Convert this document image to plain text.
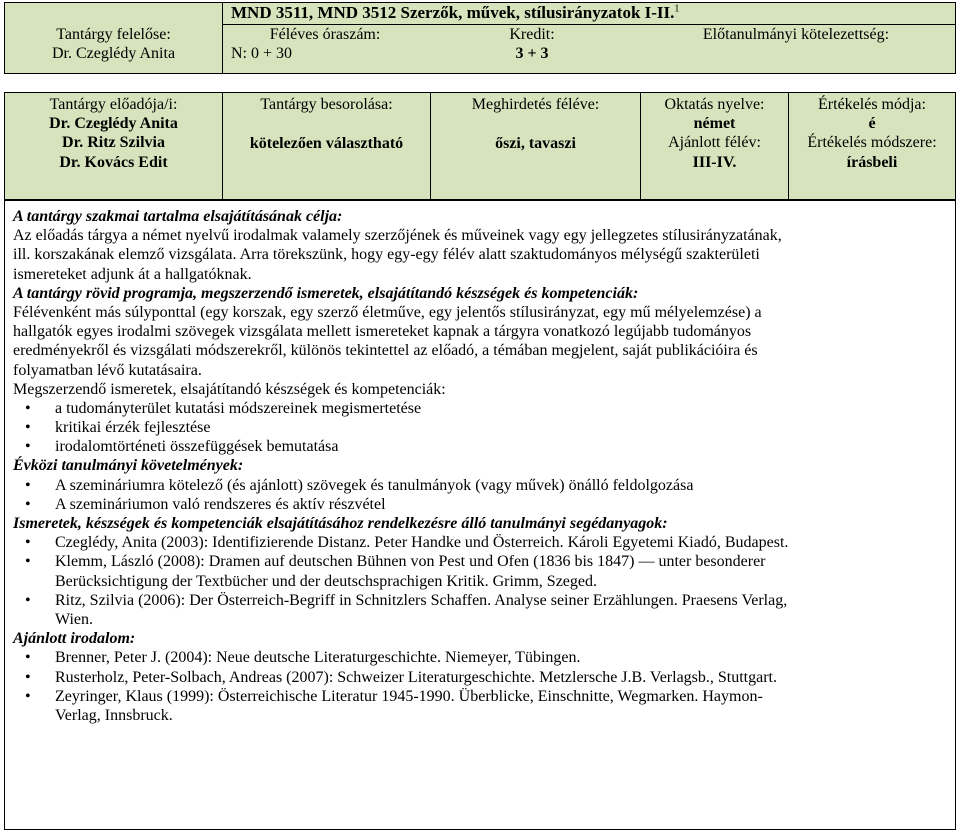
Tantárgy felelőse:
Dr. Czeglédy Anita
MND 3511, MND 3512 Szerzők, művek, stílusirányzatok I-II.$^1$
Féléves óraszám:
N: 0 + 30
Kredit:
3 + 3
Előtanulmányi kötelezettség:
Tantárgy előadója/i:
Dr. Czeglédy Anita
Dr. Ritz Szilvia
Dr. Kovács Edit
Tantárgy besorolása:
kötelezően választható
Meghirdetés féléve:
őszi, tavaszi
Oktatás nyelve:
német
Ajánlott félév:
III-IV.
Értékelés módja:
é
Értékelés módszere:
írásbeli
A tantárgy szakmai tartalma elsajátításának célja:
Az előadás tárgya a német nyelvű irodalmak valamely szerzőjének és műveinek vagy egy jellegzetes stílusirányzatának,
ill. korszakának elemző vizsgálata. Arra törekszünk, hogy egy-egy félév alatt szaktudományos mélységű szakterületi
ismereteket adjunk át a hallgatóknak.
A tantárgy rövid programja, megszerzendő ismeretek, elsajátítandó készségek és kompetenciák:
Félévenként más súlyponttal (egy korszak, egy szerző életműve, egy jelentős stílusirányzat, egy mű mélyelemzése) a
hallgatók egyes irodalmi szövegek vizsgálata mellett ismereteket kapnak a tárgyra vonatkozó legújabb tudományos
eredményekről és vizsgálati módszerekről, különös tekintettel az előadó, a témában megjelent, saját publikációira és
folyamatban lévő kutatásaira.
Megszerzendő ismeretek, elsajátítandó készségek és kompetenciák:
• a tudományterület kutatási módszereinek megismertetése
• kritikai érzék fejlesztése
• irodalomtörténeti összefüggések bemutatása
Évközi tanulmányi követelmények:
• A szemináriumra kötelező (és ajánlott) szövegek és tanulmányok (vagy művek) önálló feldolgozása
• A szemináriumon való rendszeres és aktív részvétel
Ismeretek, készségek és kompetenciák elsajátításához rendelkezésre álló tanulmányi segédanyagok:
• Czeglédy, Anita (2003): Identifizierende Distanz. Peter Handke und Österreich. Károli Egyetemi Kiadó, Budapest.
• Klemm, László (2008): Dramen auf deutschen Bühnen von Pest und Ofen (1836 bis 1847) — unter besonderer
Berücksichtigung der Textbücher und der deutschsprachigen Kritik. Grimm, Szeged.
• Ritz, Szilvia (2006): Der Österreich-Begriff in Schnitzlers Schaffen. Analyse seiner Erzählungen. Praesens Verlag,
Wien.
Ajánlott irodalom:
• Brenner, Peter J. (2004): Neue deutsche Literaturgeschichte. Niemeyer, Tübingen.
• Rusterholz, Peter-Solbach, Andreas (2007): Schweizer Literaturgeschichte. Metzlersche J.B. Verlagsb., Stuttgart.
• Zeyringer, Klaus (1999): Österreichische Literatur 1945-1990. Überblicke, Einschnitte, Wegmarken. Haymon-
Verlag, Innsbruck.
